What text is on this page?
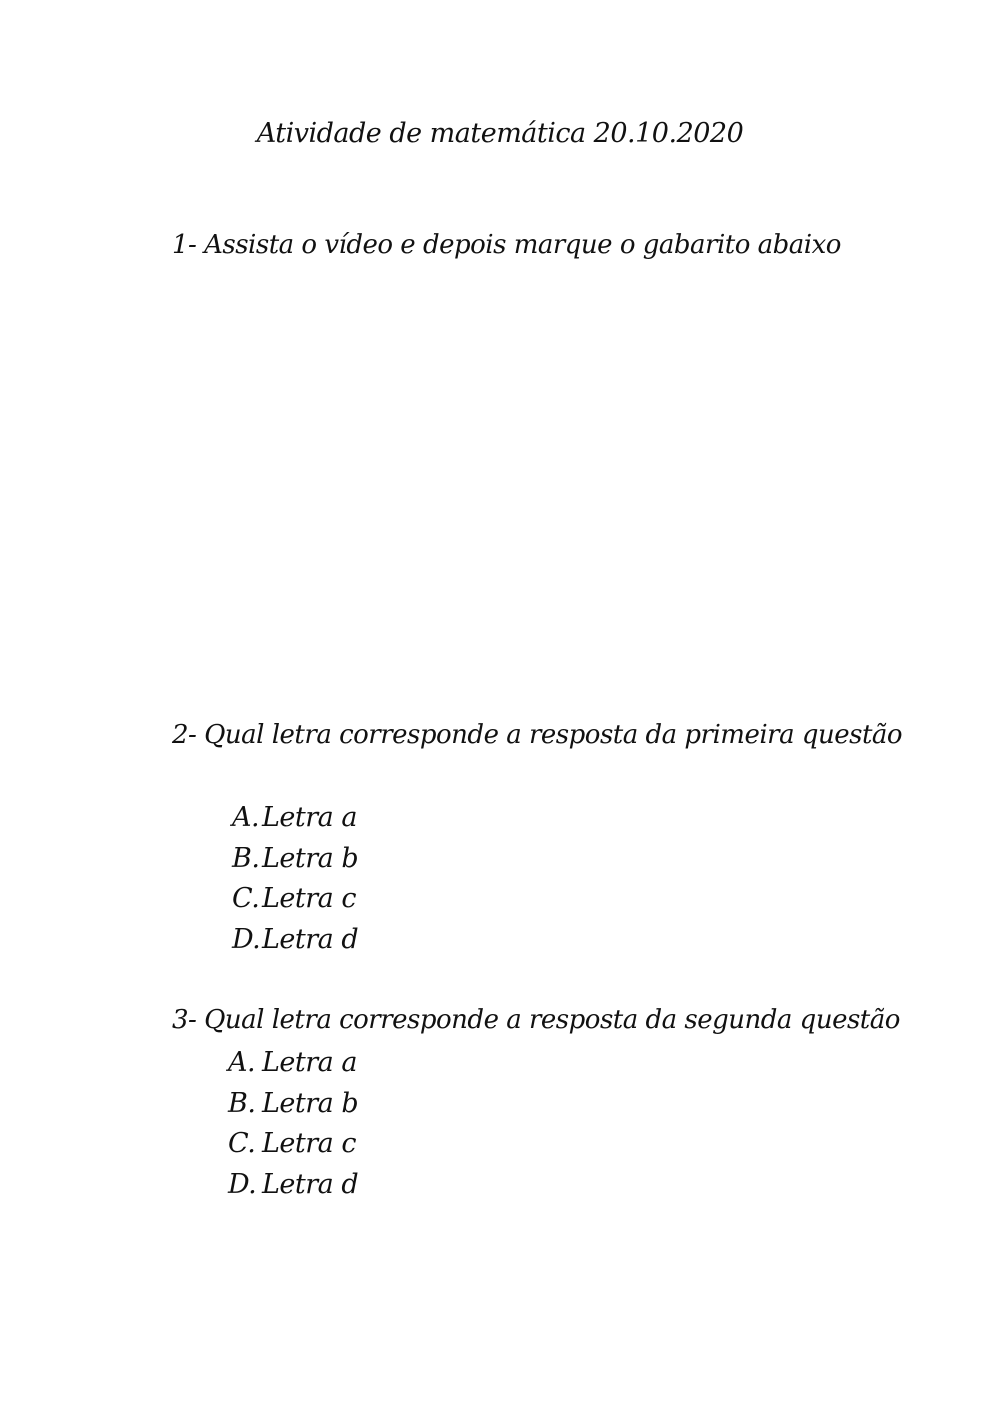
Atividade de matemática 20.10.2020
1- Assista o vídeo e depois marque o gabarito abaixo
2- Qual letra corresponde a resposta da primeira questão
A. Letra a
B.Letra b
C. Letra c
D.Letra d
3- Qual letra corresponde a resposta da segunda questão
A. Letra a
B. Letra b
C. Letra c
D. Letra d
